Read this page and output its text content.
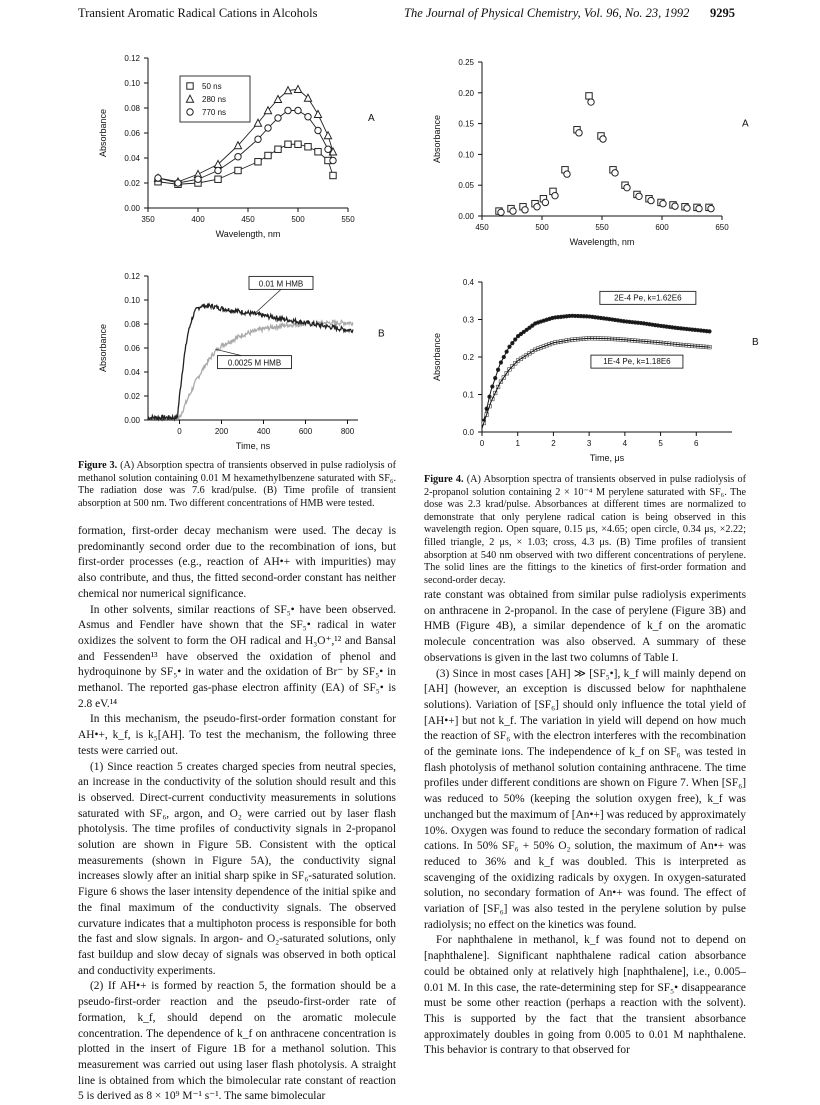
Transient Aromatic Radical Cations in Alcohols	The Journal of Physical Chemistry, Vol. 96, No. 23, 1992 9295
0.00
0.02
0.04
0.06
0.08
0.10
0.12
350	400	450	500	550
Wavelength, nm
Absorbance	A
50 ns
280 ns
770 ns
0.00
0.02
0.04
0.06
0.08
0.10
0.12
0	200	400	600	800
Time, ns
Absorbance	B
0.01 M HMB
0.0025 M HMB
0.00
0.05
0.10
0.15
0.20
0.25
450	500	550	600	650
Wavelength, nm
Absorbance	A
0.0
0.1
0.2
0.3
0.4
0	1	2	3	4	5	6
Time, μs
Absorbance	B
2E-4 Pe, k=1.62E6
1E-4 Pe, k=1.18E6
Figure 3. (A) Absorption spectra of transients observed in pulse radiolysis of methanol solution containing 0.01 M hexamethylbenzene saturated with SF₆. The radiation dose was 7.6 krad/pulse. (B) Time profile of transient absorption at 500 nm. Two different concentrations of HMB were tested.
Figure 4. (A) Absorption spectra of transients observed in pulse radiolysis of 2-propanol solution containing 2 × 10⁻⁴ M perylene saturated with SF₆. The dose was 2.3 krad/pulse. Absorbances at different times are normalized to demonstrate that only perylene radical cation is being observed in this wavelength region. Open square, 0.15 μs, ×4.65; open circle, 0.34 μs, ×2.22; filled triangle, 2 μs, × 1.03; cross, 4.3 μs. (B) Time profiles of transient absorption at 540 nm observed with two different concentrations of perylene. The solid lines are the fittings to the kinetics of first-order formation and second-order decay.

formation, first-order decay mechanism were used. The decay is predominantly second order due to the recombination of ions, but first-order processes (e.g., reaction of AH•+ with impurities) may also contribute, and thus, the fitted second-order constant has neither chemical nor numerical significance.

In other solvents, similar reactions of SF₅• have been observed. Asmus and Fendler have shown that the SF₅• radical in water oxidizes the solvent to form the OH radical and H₃O⁺,¹² and Bansal and Fessenden¹³ have observed the oxidation of phenol and hydroquinone by SF₅• in water and the oxidation of Br⁻ by SF₅• in methanol. The reported gas-phase electron affinity (EA) of SF₅• is 2.8 eV.¹⁴

In this mechanism, the pseudo-first-order formation constant for AH•+, k_f, is k₅[AH]. To test the mechanism, the following three tests were carried out.

(1) Since reaction 5 creates charged species from neutral species, an increase in the conductivity of the solution should result and this is observed. Direct-current conductivity measurements in solutions saturated with SF₆, argon, and O₂ were carried out by laser flash photolysis. The time profiles of conductivity signals in 2-propanol solution are shown in Figure 5B. Consistent with the optical measurements (shown in Figure 5A), the conductivity signal increases slowly after an initial sharp spike in SF₆-saturated solution. Figure 6 shows the laser intensity dependence of the initial spike and the final maximum of the conductivity signals. The observed curvature indicates that a multiphoton process is responsible for both the fast and slow signals. In argon- and O₂-saturated solutions, only fast buildup and slow decay of signals was observed in both optical and conductivity experiments.

(2) If AH•+ is formed by reaction 5, the formation should be a pseudo-first-order reaction and the pseudo-first-order rate of formation, k_f, should depend on the aromatic molecule concentration. The dependence of k_f on anthracene concentration is plotted in the insert of Figure 1B for a methanol solution. This measurement was carried out using laser flash photolysis. A straight line is obtained from which the bimolecular rate constant of reaction 5 is derived as 8 × 10⁹ M⁻¹ s⁻¹. The same bimolecular

rate constant was obtained from similar pulse radiolysis experiments on anthracene in 2-propanol. In the case of perylene (Figure 3B) and HMB (Figure 4B), a similar dependence of k_f on the aromatic molecule concentration was also observed. A summary of these observations is given in the last two columns of Table I.

(3) Since in most cases [AH] ≫ [SF₅•], k_f will mainly depend on [AH] (however, an exception is discussed below for naphthalene solutions). Variation of [SF₆] should only influence the total yield of [AH•+] but not k_f. The variation in yield will depend on how much the reaction of SF₆ with the electron interferes with the recombination of the geminate ions. The independence of k_f on SF₆ was tested in flash photolysis of methanol solution containing anthracene. The time profiles under different conditions are shown on Figure 7. When [SF₆] was reduced to 50% (keeping the solution oxygen free), k_f was unchanged but the maximum of [An•+] was reduced by approximately 10%. Oxygen was found to reduce the secondary formation of radical cations. In 50% SF₆ + 50% O₂ solution, the maximum of An•+ was reduced to 36% and k_f was doubled. This is interpreted as scavenging of the oxidizing radicals by oxygen. In oxygen-saturated solution, no secondary formation of An•+ was found. The effect of variation of [SF₆] was also tested in the perylene solution by pulse radiolysis; no effect on the kinetics was found.

For naphthalene in methanol, k_f was found not to depend on [naphthalene]. Significant naphthalene radical cation absorbance could be obtained only at relatively high [naphthalene], i.e., 0.005–0.01 M. In this case, the rate-determining step for SF₅• disappearance must be some other reaction (perhaps a reaction with the solvent). This is supported by the fact that the transient absorbance approximately doubles in going from 0.005 to 0.01 M naphthalene. This behavior is contrary to that observed for
